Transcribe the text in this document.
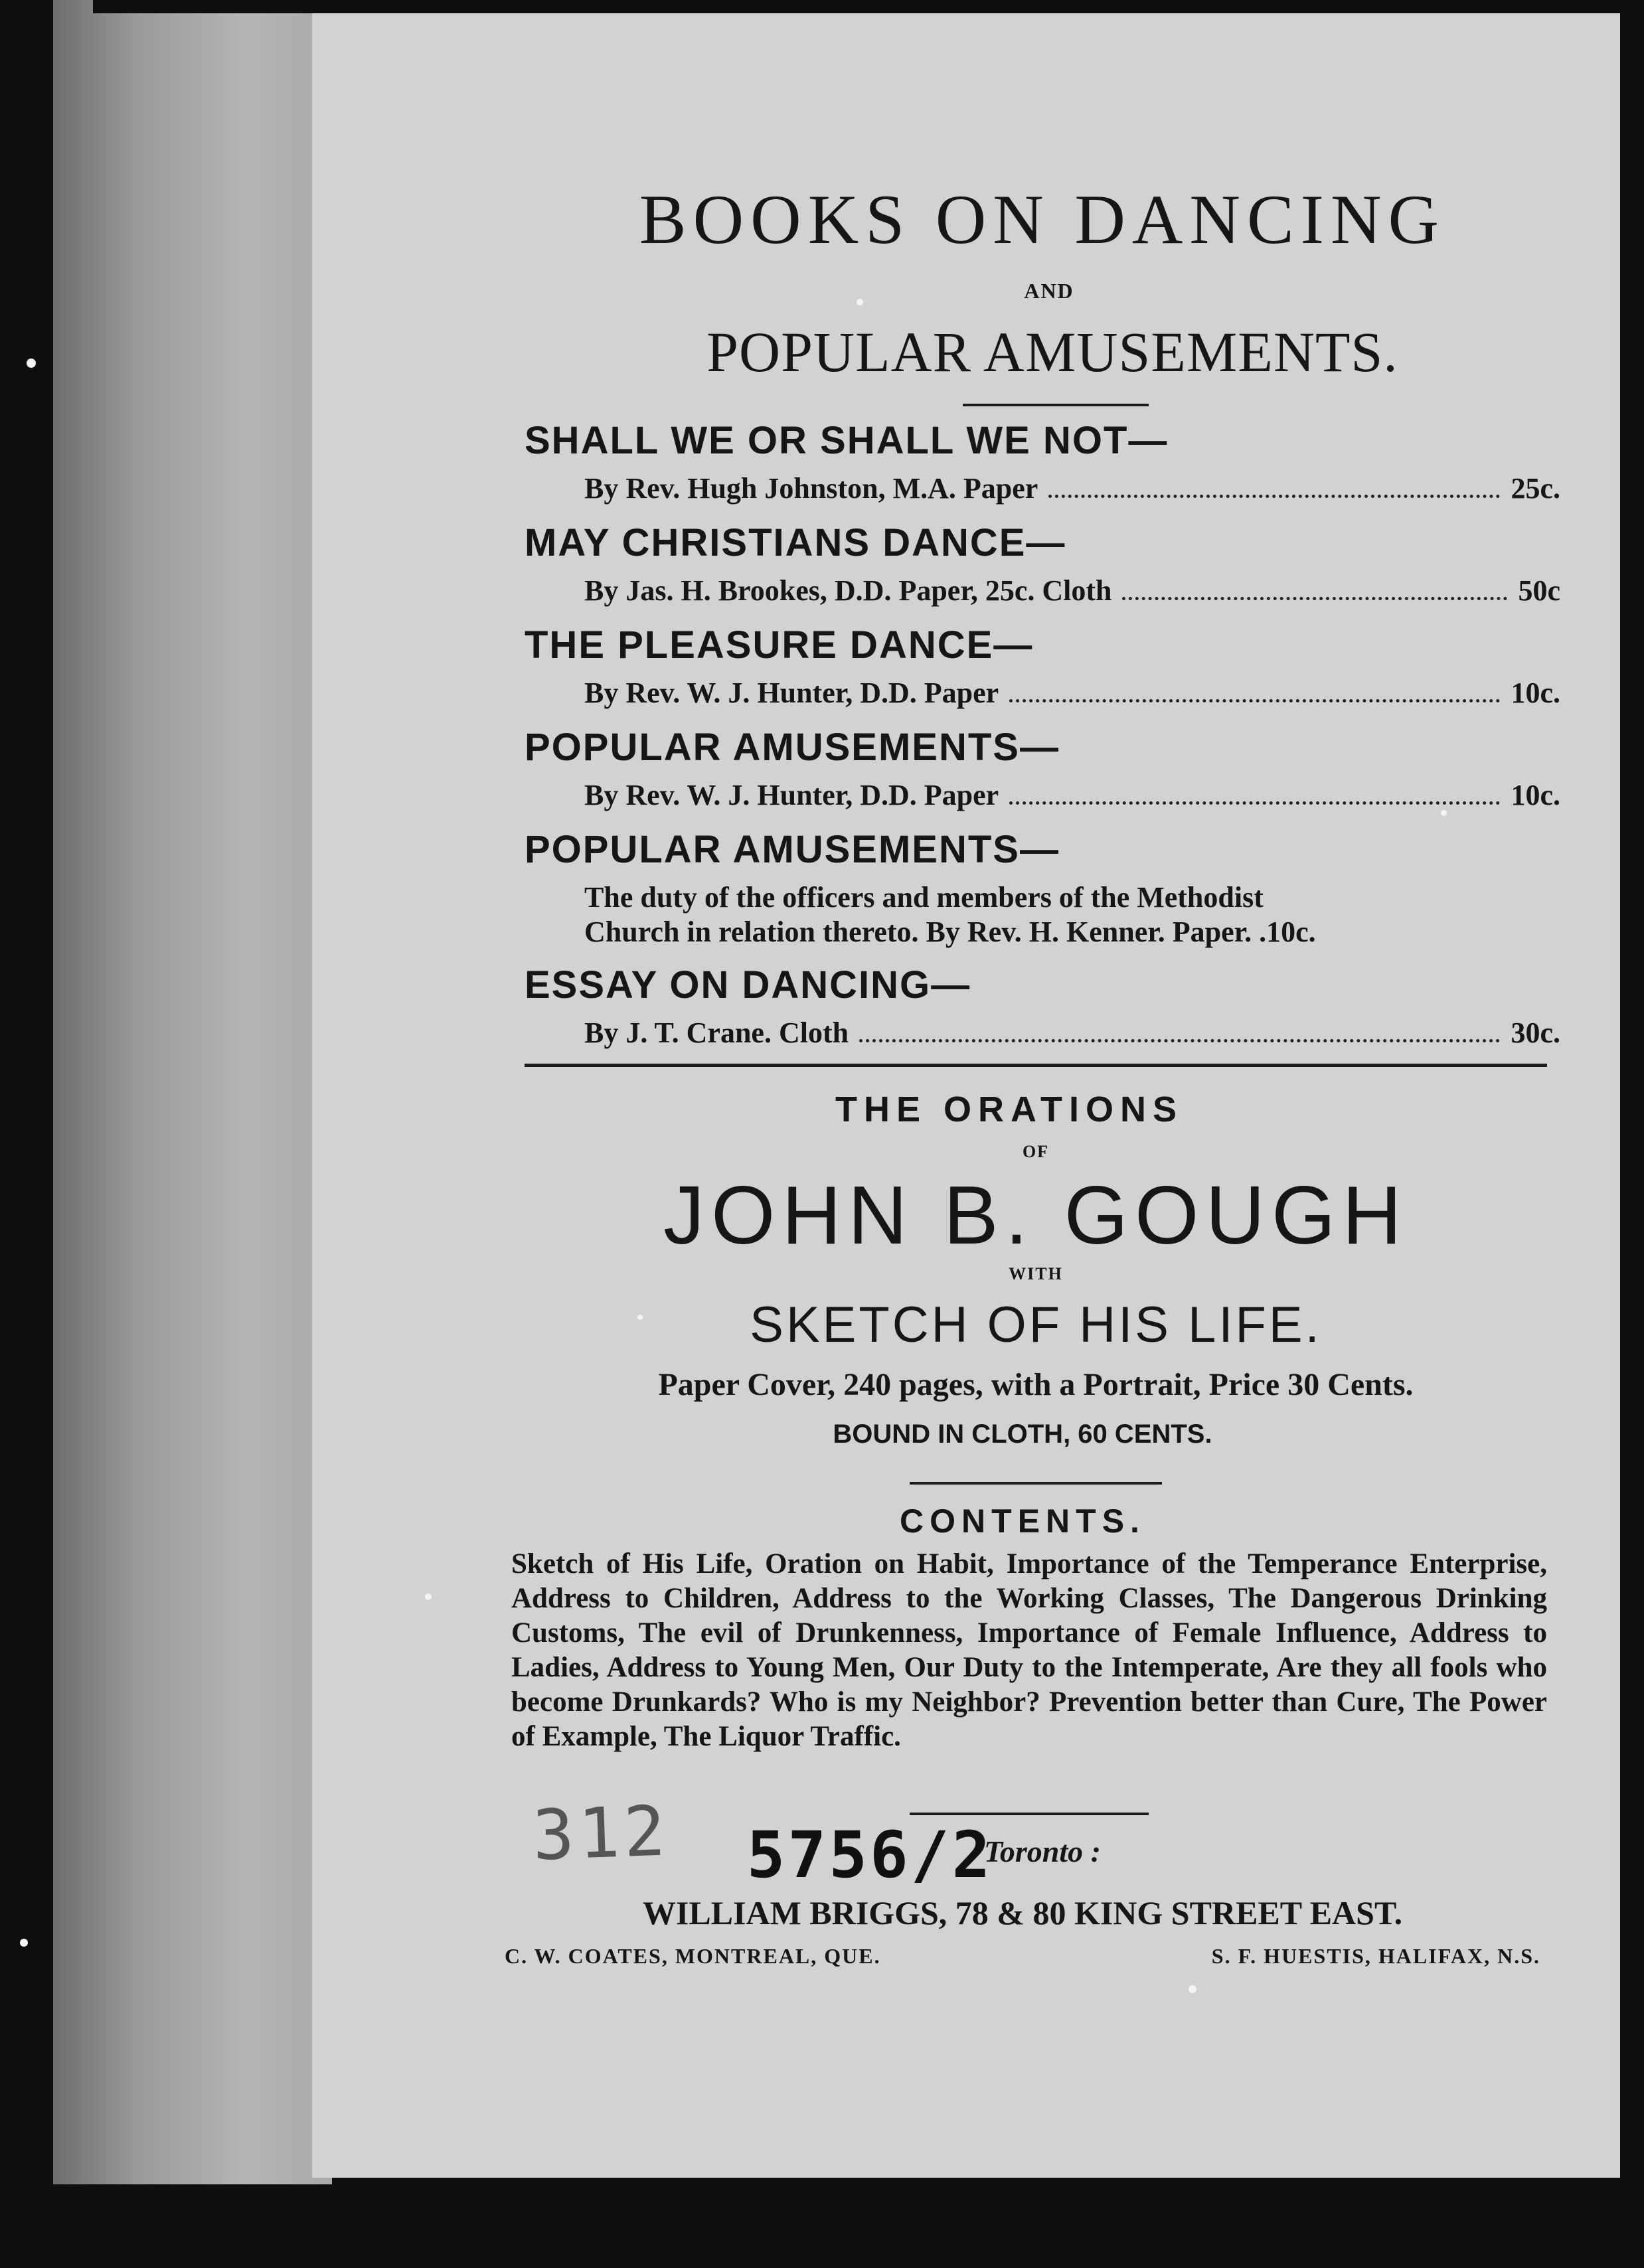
BOOKS ON DANCING
AND
POPULAR AMUSEMENTS.
SHALL WE OR SHALL WE NOT—
By Rev. Hugh Johnston, M.A. Paper	25c.
MAY CHRISTIANS DANCE—
By Jas. H. Brookes, D.D. Paper, 25c. Cloth	50c
THE PLEASURE DANCE—
By Rev. W. J. Hunter, D.D. Paper	10c.
POPULAR AMUSEMENTS—
By Rev. W. J. Hunter, D.D. Paper	10c.
POPULAR AMUSEMENTS—
The duty of the officers and members of the Methodist
Church in relation thereto. By Rev. H. Kenner. Paper. .10c.
ESSAY ON DANCING—
By J. T. Crane. Cloth	30c.
THE ORATIONS
OF
JOHN B. GOUGH
WITH
SKETCH OF HIS LIFE.
Paper Cover, 240 pages, with a Portrait, Price 30 Cents.
BOUND IN CLOTH, 60 CENTS.
CONTENTS.
Sketch of His Life, Oration on Habit, Importance of the Temperance Enterprise, Address to Children, Address to the Working Classes, The Dangerous Drinking Customs, The evil of Drunkenness, Importance of Female Influence, Address to Ladies, Address to Young Men, Our Duty to the Intemperate, Are they all fools who become Drunkards? Who is my Neighbor? Prevention better than Cure, The Power of Example, The Liquor Traffic.
312	5756/2
Toronto :
WILLIAM BRIGGS, 78 & 80 KING STREET EAST.
C. W. COATES, MONTREAL, QUE.	S. F. HUESTIS, HALIFAX, N.S.
